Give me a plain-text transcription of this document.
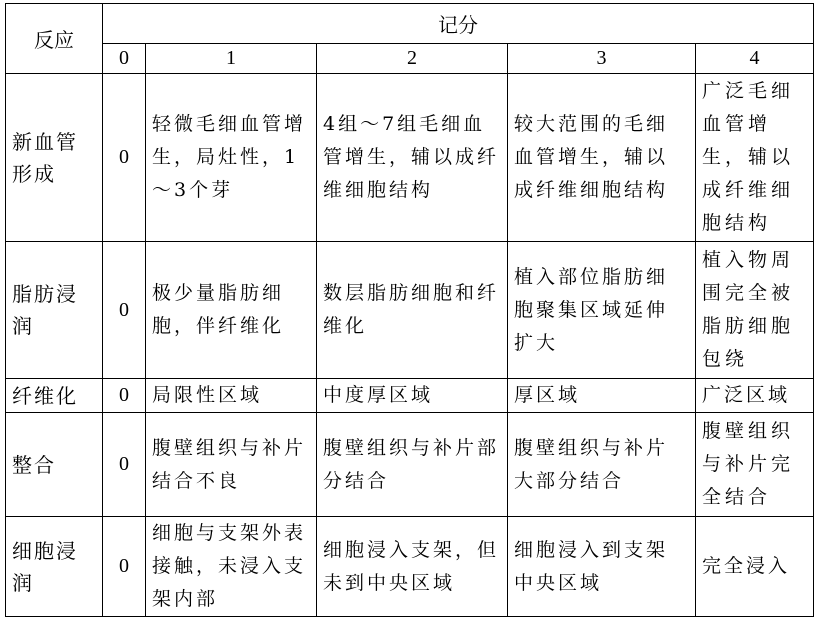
反应	记分				
	0	1	2	3	4
新血管形成	0	轻微毛细血管增生，局灶性，1～3个芽	4组～7组毛细血管增生，辅以成纤维细胞结构	较大范围的毛细血管增生，辅以成纤维细胞结构	广泛毛细血管增生，辅以成纤维细胞结构
脂肪浸润	0	极少量脂肪细胞，伴纤维化	数层脂肪细胞和纤维化	植入部位脂肪细胞聚集区域延伸扩大	植入物周围完全被脂肪细胞包绕
纤维化	0	局限性区域	中度厚区域	厚区域	广泛区域
整合	0	腹壁组织与补片结合不良	腹壁组织与补片部分结合	腹壁组织与补片大部分结合	腹壁组织与补片完全结合
细胞浸润	0	细胞与支架外表接触，未浸入支架内部	细胞浸入支架，但未到中央区域	细胞浸入到支架中央区域	完全浸入
